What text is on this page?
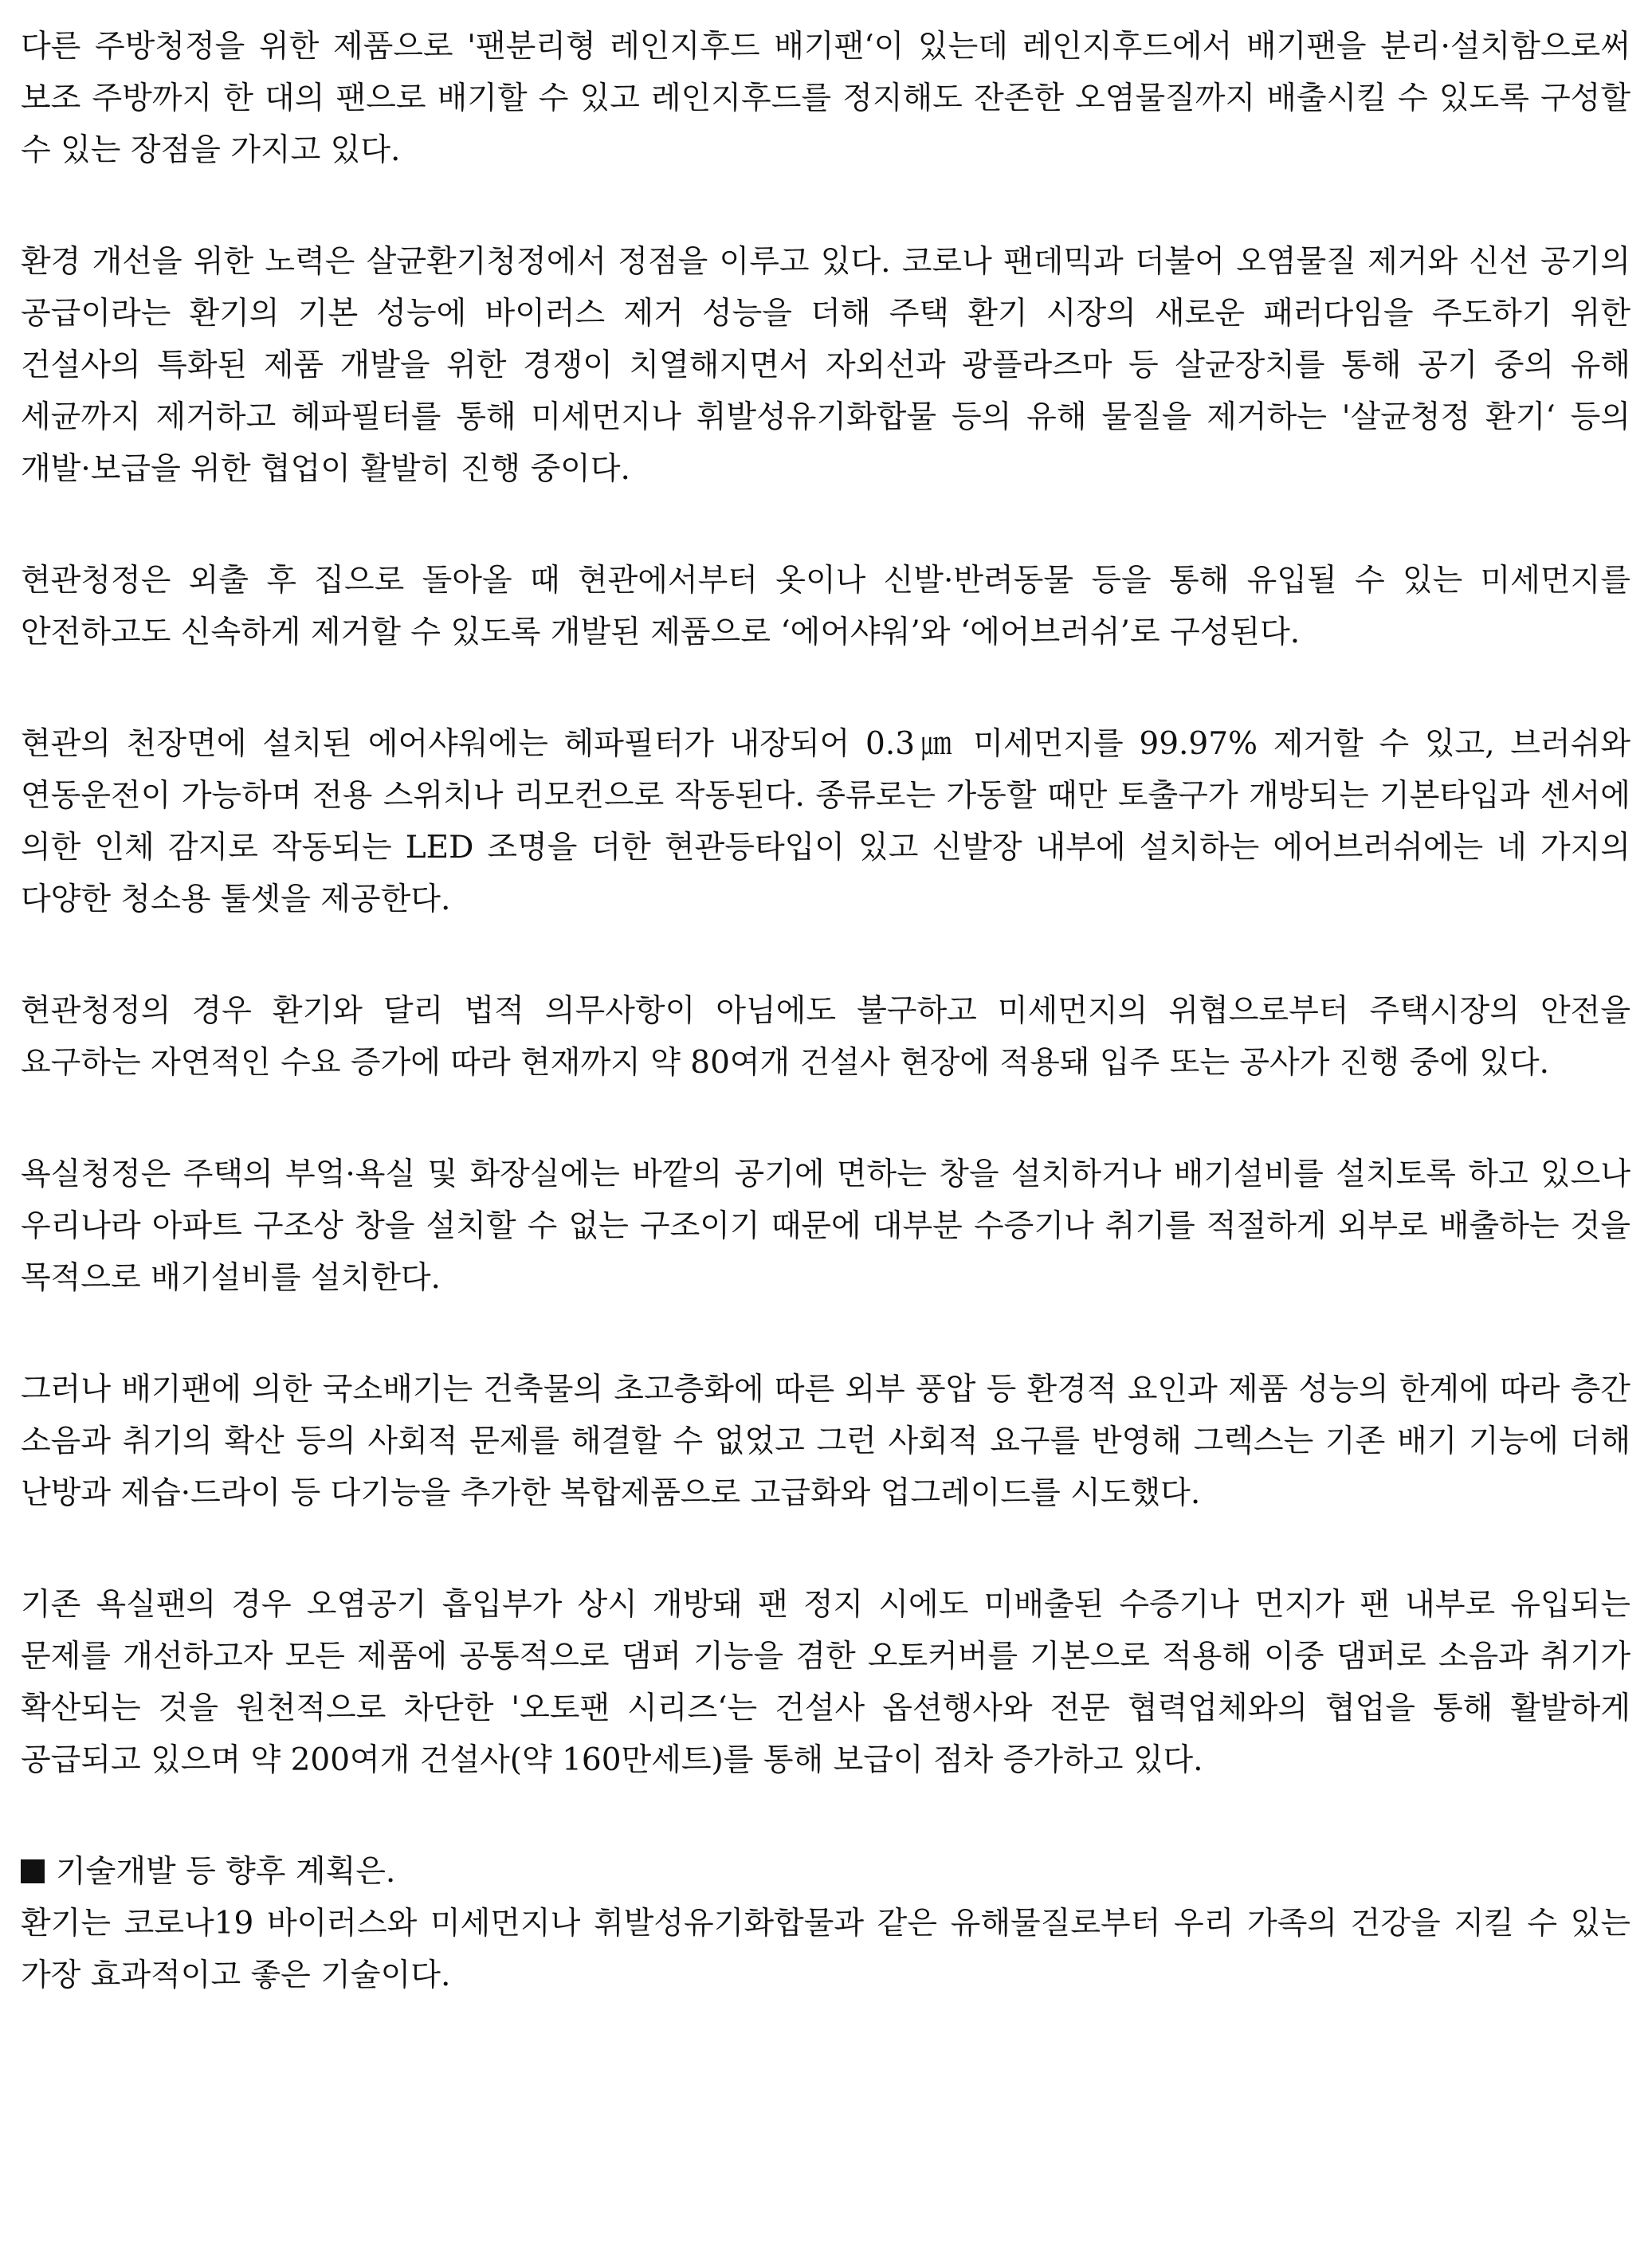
다른 주방청정을 위한 제품으로 '팬분리형 레인지후드 배기팬‘이 있는데 레인지후드에서 배기팬을 분리·설치함으로써 보조 주방까지 한 대의 팬으로 배기할 수 있고 레인지후드를 정지해도 잔존한 오염물질까지 배출시킬 수 있도록 구성할 수 있는 장점을 가지고 있다.

환경 개선을 위한 노력은 살균환기청정에서 정점을 이루고 있다. 코로나 팬데믹과 더불어 오염물질 제거와 신선 공기의 공급이라는 환기의 기본 성능에 바이러스 제거 성능을 더해 주택 환기 시장의 새로운 패러다임을 주도하기 위한 건설사의 특화된 제품 개발을 위한 경쟁이 치열해지면서 자외선과 광플라즈마 등 살균장치를 통해 공기 중의 유해 세균까지 제거하고 헤파필터를 통해 미세먼지나 휘발성유기화합물 등의 유해 물질을 제거하는 '살균청정 환기‘ 등의 개발·보급을 위한 협업이 활발히 진행 중이다.

현관청정은 외출 후 집으로 돌아올 때 현관에서부터 옷이나 신발·반려동물 등을 통해 유입될 수 있는 미세먼지를 안전하고도 신속하게 제거할 수 있도록 개발된 제품으로 ‘에어샤워’와 ‘에어브러쉬’로 구성된다.

현관의 천장면에 설치된 에어샤워에는 헤파필터가 내장되어 0.3㎛ 미세먼지를 99.97% 제거할 수 있고, 브러쉬와 연동운전이 가능하며 전용 스위치나 리모컨으로 작동된다. 종류로는 가동할 때만 토출구가 개방되는 기본타입과 센서에 의한 인체 감지로 작동되는 LED 조명을 더한 현관등타입이 있고 신발장 내부에 설치하는 에어브러쉬에는 네 가지의 다양한 청소용 툴셋을 제공한다.

현관청정의 경우 환기와 달리 법적 의무사항이 아님에도 불구하고 미세먼지의 위협으로부터 주택시장의 안전을 요구하는 자연적인 수요 증가에 따라 현재까지 약 80여개 건설사 현장에 적용돼 입주 또는 공사가 진행 중에 있다.

욕실청정은 주택의 부엌·욕실 및 화장실에는 바깥의 공기에 면하는 창을 설치하거나 배기설비를 설치토록 하고 있으나 우리나라 아파트 구조상 창을 설치할 수 없는 구조이기 때문에 대부분 수증기나 취기를 적절하게 외부로 배출하는 것을 목적으로 배기설비를 설치한다.

그러나 배기팬에 의한 국소배기는 건축물의 초고층화에 따른 외부 풍압 등 환경적 요인과 제품 성능의 한계에 따라 층간 소음과 취기의 확산 등의 사회적 문제를 해결할 수 없었고 그런 사회적 요구를 반영해 그렉스는 기존 배기 기능에 더해 난방과 제습·드라이 등 다기능을 추가한 복합제품으로 고급화와 업그레이드를 시도했다.

기존 욕실팬의 경우 오염공기 흡입부가 상시 개방돼 팬 정지 시에도 미배출된 수증기나 먼지가 팬 내부로 유입되는 문제를 개선하고자 모든 제품에 공통적으로 댐퍼 기능을 겸한 오토커버를 기본으로 적용해 이중 댐퍼로 소음과 취기가 확산되는 것을 원천적으로 차단한 '오토팬 시리즈‘는 건설사 옵션행사와 전문 협력업체와의 협업을 통해 활발하게 공급되고 있으며 약 200여개 건설사(약 160만세트)를 통해 보급이 점차 증가하고 있다.

기술개발 등 향후 계획은.

환기는 코로나19 바이러스와 미세먼지나 휘발성유기화합물과 같은 유해물질로부터 우리 가족의 건강을 지킬 수 있는 가장 효과적이고 좋은 기술이다.
